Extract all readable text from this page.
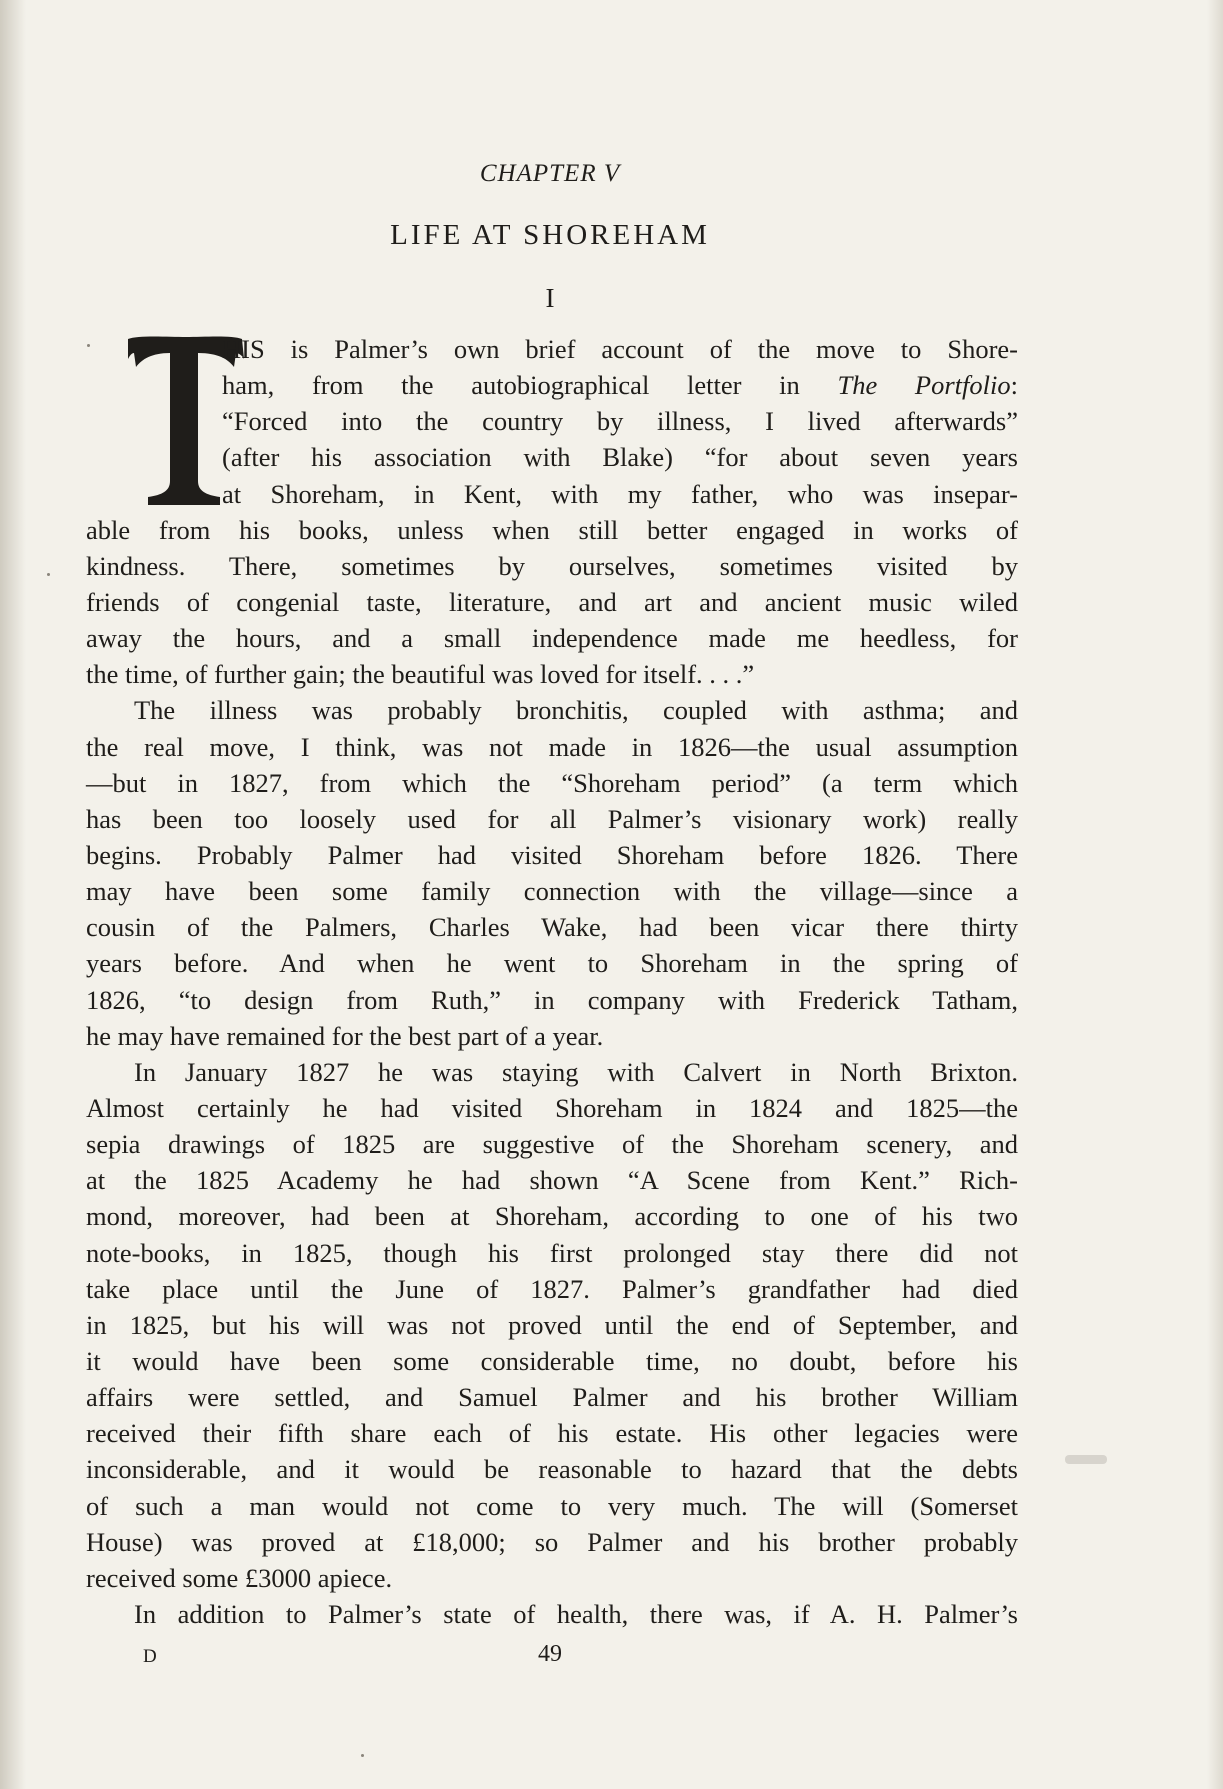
CHAPTER V
LIFE AT SHOREHAM
I
HIS is Palmer’s own brief account of the move to Shore-
ham, from the autobiographical letter in The Portfolio:
“Forced into the country by illness, I lived afterwards”
(after his association with Blake) “for about seven years
at Shoreham, in Kent, with my father, who was insepar-
able from his books, unless when still better engaged in works of
kindness. There, sometimes by ourselves, sometimes visited by
friends of congenial taste, literature, and art and ancient music wiled
away the hours, and a small independence made me heedless, for
the time, of further gain; the beautiful was loved for itself. . . .”
The illness was probably bronchitis, coupled with asthma; and
the real move, I think, was not made in 1826—the usual assumption
—but in 1827, from which the “Shoreham period” (a term which
has been too loosely used for all Palmer’s visionary work) really
begins. Probably Palmer had visited Shoreham before 1826. There
may have been some family connection with the village—since a
cousin of the Palmers, Charles Wake, had been vicar there thirty
years before. And when he went to Shoreham in the spring of
1826, “to design from Ruth,” in company with Frederick Tatham,
he may have remained for the best part of a year.
In January 1827 he was staying with Calvert in North Brixton.
Almost certainly he had visited Shoreham in 1824 and 1825—the
sepia drawings of 1825 are suggestive of the Shoreham scenery, and
at the 1825 Academy he had shown “A Scene from Kent.” Rich-
mond, moreover, had been at Shoreham, according to one of his two
note-books, in 1825, though his first prolonged stay there did not
take place until the June of 1827. Palmer’s grandfather had died
in 1825, but his will was not proved until the end of September, and
it would have been some considerable time, no doubt, before his
affairs were settled, and Samuel Palmer and his brother William
received their fifth share each of his estate. His other legacies were
inconsiderable, and it would be reasonable to hazard that the debts
of such a man would not come to very much. The will (Somerset
House) was proved at £18,000; so Palmer and his brother probably
received some £3000 apiece.
In addition to Palmer’s state of health, there was, if A. H. Palmer’s
D	49
